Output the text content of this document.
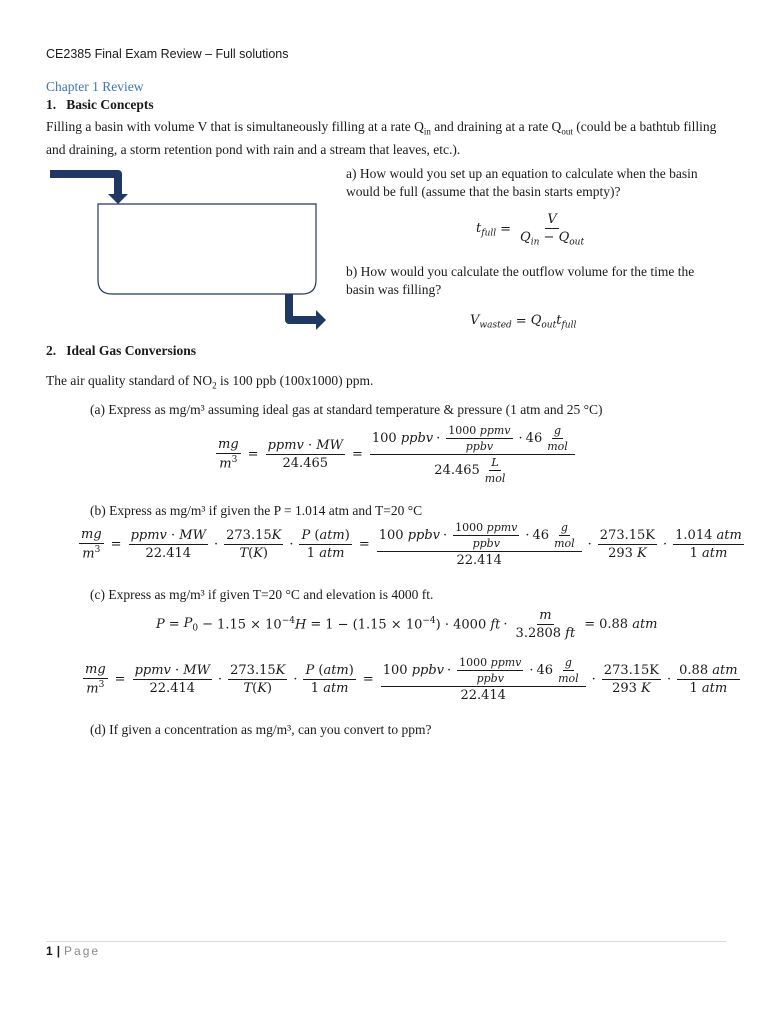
CE2385 Final Exam Review – Full solutions
Chapter 1 Review
1. Basic Concepts
Filling a basin with volume V that is simultaneously filling at a rate $Q_{in}$ and draining at a rate $Q_{out}$ (could be a bathtub filling and draining, a storm retention pond with rain and a stream that leaves, etc.).
a) How would you set up an equation to calculate when the basin would be full (assume that the basin starts empty)?
$t_{full} = \frac{V}{Q_{in} - Q_{out}}$
b) How would you calculate the outflow volume for the time the basin was filling?
$V_{wasted} = Q_{out}t_{full}$
2. Ideal Gas Conversions
The air quality standard of $NO_2$ is 100 ppb (100x1000) ppm.
(a) Express as mg/m³ assuming ideal gas at standard temperature & pressure (1 atm and 25 °C)
$\frac{mg}{m^3} = \frac{\text{ppmv · MW}}{24.465} = \frac{100 ppbv \cdot \frac{\text{1000 ppmv}}{\text{ppbv}} \cdot 46 \frac{g}{\text{mol}}}{24.465 \frac{L}{\text{mol}}}$
(b) Express as mg/m³ if given the P = 1.014 atm and T=20 °C
$\frac{mg}{m^3} = \frac{\text{ppmv · MW}}{22.414} \cdot \frac{273.15K}{T(K)} \cdot \frac{\text{P (atm)}}{\text{1 atm}} = \frac{100 ppbv \cdot \frac{\text{1000 ppmv}}{\text{ppbv}} \cdot 46 \frac{g}{\text{mol}}}{22.414} \cdot \frac{273.15K}{293 K} \cdot \frac{\text{1.014 atm}}{\text{1 atm}}$
(c) Express as mg/m³ if given T=20 °C and elevation is 4000 ft.
$P = P_0 - 1.15 \times 10^{-4}H = 1 - (1.15 \times 10^{-4}) \cdot 4000$ ft · $\frac{m}{3.2808 ft} = 0.88$ atm
$\frac{mg}{m^3} = \frac{\text{ppmv · MW}}{22.414} \cdot \frac{273.15K}{T(K)} \cdot \frac{\text{P (atm)}}{\text{1 atm}} = \frac{100 ppbv \cdot \frac{\text{1000 ppmv}}{\text{ppbv}} \cdot 46 \frac{g}{\text{mol}}}{22.414} \cdot \frac{273.15K}{293 K} \cdot \frac{\text{0.88 atm}}{\text{1 atm}}$
(d) If given a concentration as mg/m³, can you convert to ppm?
1 | Page
